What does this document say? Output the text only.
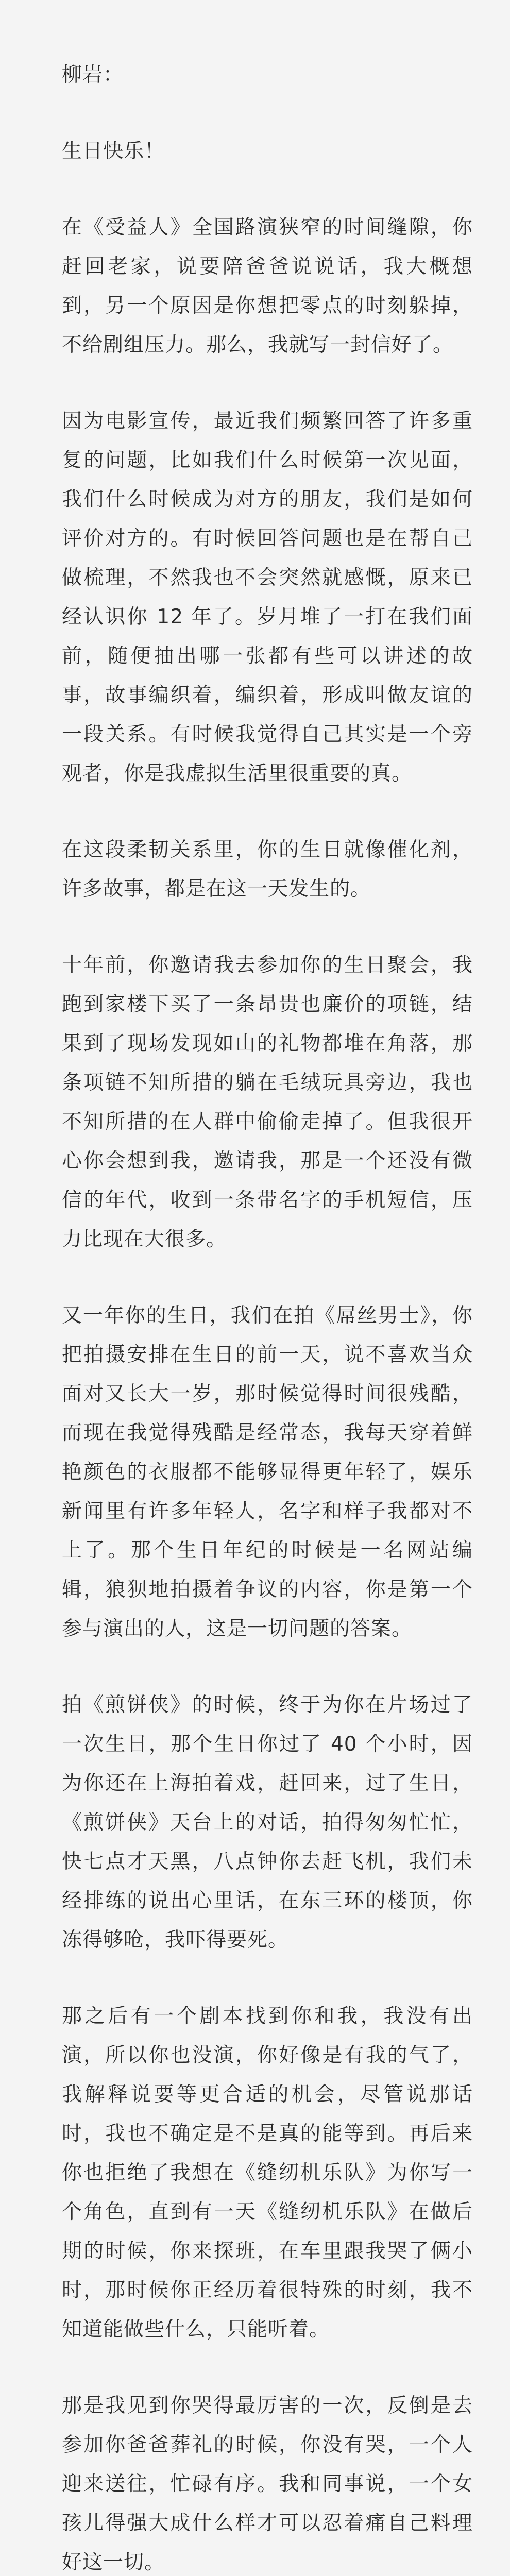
柳岩：

生日快乐！

在《受益人》全国路演狭窄的时间缝隙，你赶回老家，说要陪爸爸说说话，我大概想到，另一个原因是你想把零点的时刻躲掉，不给剧组压力。那么，我就写一封信好了。

因为电影宣传，最近我们频繁回答了许多重复的问题，比如我们什么时候第一次见面，我们什么时候成为对方的朋友，我们是如何评价对方的。有时候回答问题也是在帮自己做梳理，不然我也不会突然就感慨，原来已经认识你 12 年了。岁月堆了一打在我们面前，随便抽出哪一张都有些可以讲述的故事，故事编织着，编织着，形成叫做友谊的一段关系。有时候我觉得自己其实是一个旁观者，你是我虚拟生活里很重要的真。

在这段柔韧关系里，你的生日就像催化剂，许多故事，都是在这一天发生的。

十年前，你邀请我去参加你的生日聚会，我跑到家楼下买了一条昂贵也廉价的项链，结果到了现场发现如山的礼物都堆在角落，那条项链不知所措的躺在毛绒玩具旁边，我也不知所措的在人群中偷偷走掉了。但我很开心你会想到我，邀请我，那是一个还没有微信的年代，收到一条带名字的手机短信，压力比现在大很多。

又一年你的生日，我们在拍《屌丝男士》，你把拍摄安排在生日的前一天，说不喜欢当众面对又长大一岁，那时候觉得时间很残酷，而现在我觉得残酷是经常态，我每天穿着鲜艳颜色的衣服都不能够显得更年轻了，娱乐新闻里有许多年轻人，名字和样子我都对不上了。那个生日年纪的时候是一名网站编辑，狼狈地拍摄着争议的内容，你是第一个参与演出的人，这是一切问题的答案。

拍《煎饼侠》的时候，终于为你在片场过了一次生日，那个生日你过了 40 个小时，因为你还在上海拍着戏，赶回来，过了生日，《煎饼侠》天台上的对话，拍得匆匆忙忙，快七点才天黑，八点钟你去赶飞机，我们未经排练的说出心里话，在东三环的楼顶，你冻得够呛，我吓得要死。

那之后有一个剧本找到你和我，我没有出演，所以你也没演，你好像是有我的气了，我解释说要等更合适的机会，尽管说那话时，我也不确定是不是真的能等到。再后来你也拒绝了我想在《缝纫机乐队》为你写一个角色，直到有一天《缝纫机乐队》在做后期的时候，你来探班，在车里跟我哭了俩小时，那时候你正经历着很特殊的时刻，我不知道能做些什么，只能听着。

那是我见到你哭得最厉害的一次，反倒是去参加你爸爸葬礼的时候，你没有哭，一个人迎来送往，忙碌有序。我和同事说，一个女孩儿得强大成什么样才可以忍着痛自己料理好这一切。
